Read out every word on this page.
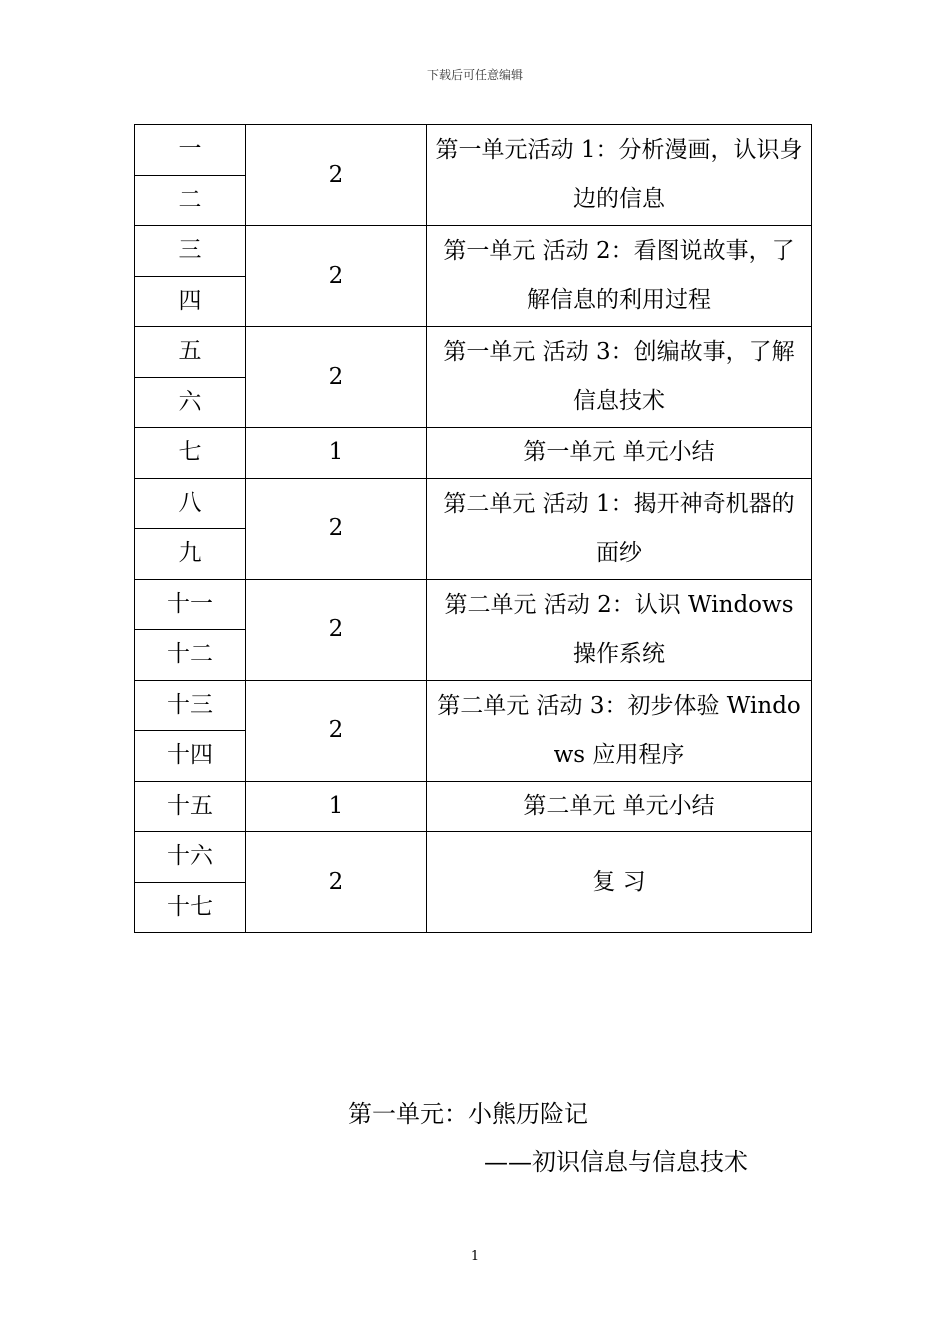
下载后可任意编辑
一	2	第一单元活动 1：分析漫画，认识身边的信息
二		
三	2	第一单元 活动 2：看图说故事，了解信息的利用过程
四		
五	2	第一单元 活动 3：创编故事，了解信息技术
六		
七	1	第一单元 单元小结
八	2	第二单元 活动 1：揭开神奇机器的面纱
九		
十一	2	第二单元 活动 2：认识 Windows 操作系统
十二		
十三	2	第二单元 活动 3：初步体验 Windows 应用程序
十四		
十五	1	第二单元 单元小结
十六	2	复 习
十七		
第一单元：小熊历险记
——初识信息与信息技术
1
